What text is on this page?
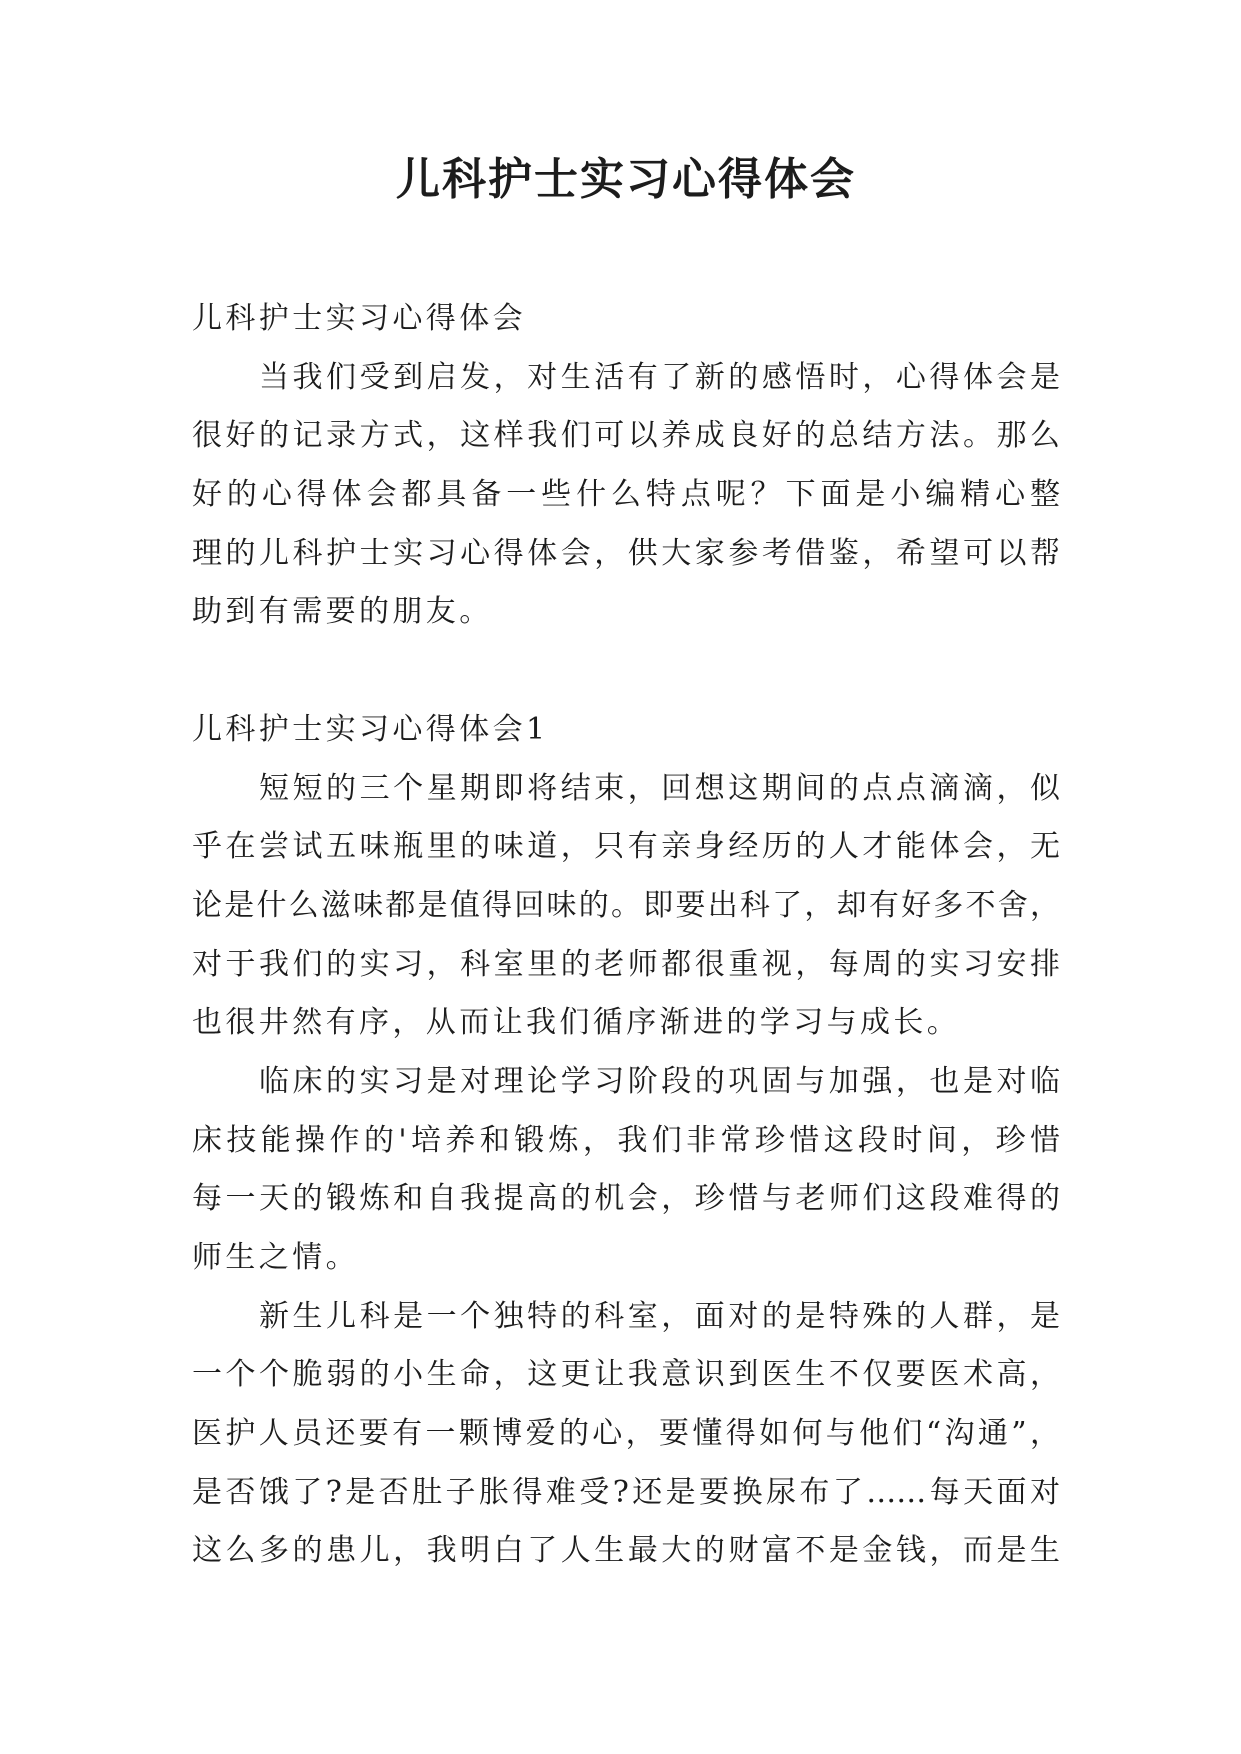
儿科护士实习心得体会
儿科护士实习心得体会
当我们受到启发，对生活有了新的感悟时，心得体会是
很好的记录方式，这样我们可以养成良好的总结方法。那么
好的心得体会都具备一些什么特点呢？下面是小编精心整
理的儿科护士实习心得体会，供大家参考借鉴，希望可以帮
助到有需要的朋友。
儿科护士实习心得体会1
短短的三个星期即将结束，回想这期间的点点滴滴，似
乎在尝试五味瓶里的味道，只有亲身经历的人才能体会，无
论是什么滋味都是值得回味的。即要出科了，却有好多不舍，
对于我们的实习，科室里的老师都很重视，每周的实习安排
也很井然有序，从而让我们循序渐进的学习与成长。
临床的实习是对理论学习阶段的巩固与加强，也是对临
床技能操作的'培养和锻炼，我们非常珍惜这段时间，珍惜
每一天的锻炼和自我提高的机会，珍惜与老师们这段难得的
师生之情。
新生儿科是一个独特的科室，面对的是特殊的人群，是
一个个脆弱的小生命，这更让我意识到医生不仅要医术高，
医护人员还要有一颗博爱的心，要懂得如何与他们“沟通”，
是否饿了?是否肚子胀得难受?还是要换尿布了……每天面对
这么多的患儿，我明白了人生最大的财富不是金钱，而是生
